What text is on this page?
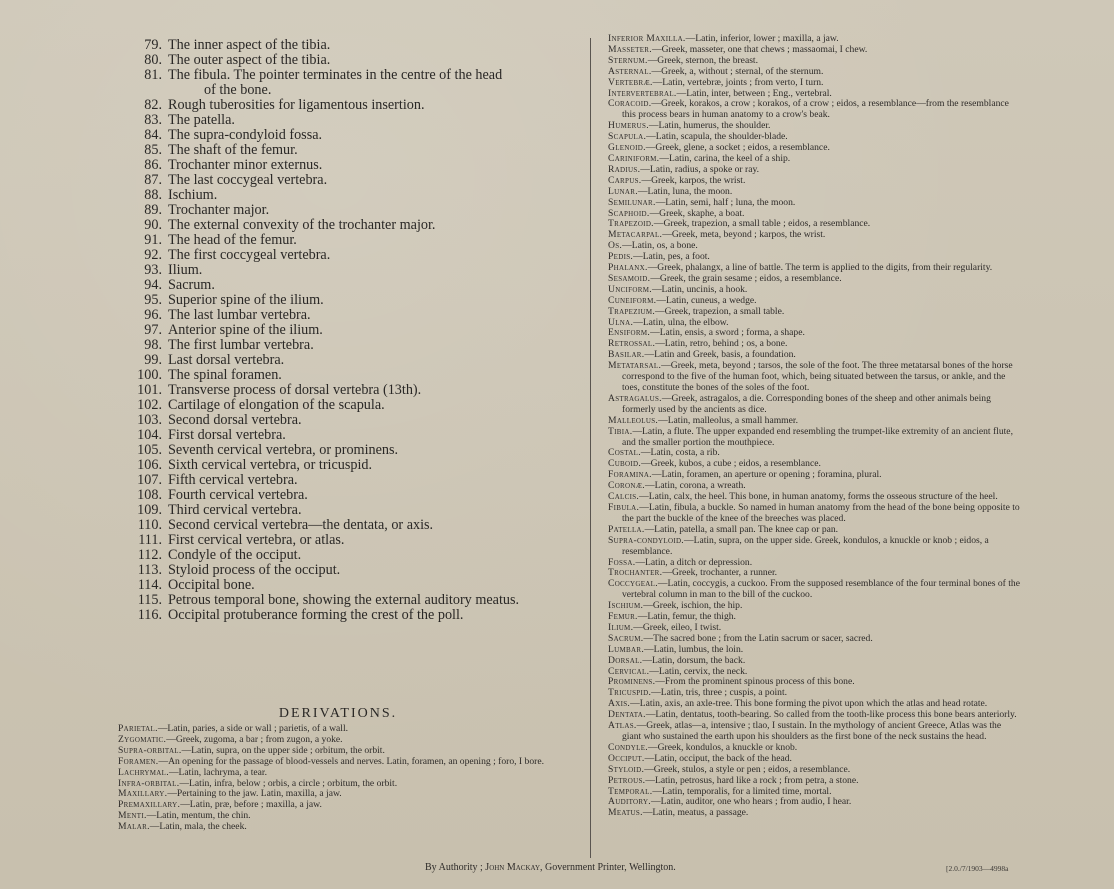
79. The inner aspect of the tibia.
80. The outer aspect of the tibia.
81. The fibula. The pointer terminates in the centre of the head
of the bone.
82. Rough tuberosities for ligamentous insertion.
83. The patella.
84. The supra-condyloid fossa.
85. The shaft of the femur.
86. Trochanter minor externus.
87. The last coccygeal vertebra.
88. Ischium.
89. Trochanter major.
90. The external convexity of the trochanter major.
91. The head of the femur.
92. The first coccygeal vertebra.
93. Ilium.
94. Sacrum.
95. Superior spine of the ilium.
96. The last lumbar vertebra.
97. Anterior spine of the ilium.
98. The first lumbar vertebra.
99. Last dorsal vertebra.
100. The spinal foramen.
101. Transverse process of dorsal vertebra (13th).
102. Cartilage of elongation of the scapula.
103. Second dorsal vertebra.
104. First dorsal vertebra.
105. Seventh cervical vertebra, or prominens.
106. Sixth cervical vertebra, or tricuspid.
107. Fifth cervical vertebra.
108. Fourth cervical vertebra.
109. Third cervical vertebra.
110. Second cervical vertebra—the dentata, or axis.
111. First cervical vertebra, or atlas.
112. Condyle of the occiput.
113. Styloid process of the occiput.
114. Occipital bone.
115. Petrous temporal bone, showing the external auditory meatus.
116. Occipital protuberance forming the crest of the poll.
DERIVATIONS.

Parietal.—Latin, paries, a side or wall ; parietis, of a wall.

Zygomatic.—Greek, zugoma, a bar ; from zugon, a yoke.

Supra-orbital.—Latin, supra, on the upper side ; orbitum, the orbit.

Foramen.—An opening for the passage of blood-vessels and nerves. Latin, foramen, an opening ; foro, I bore.

Lachrymal.—Latin, lachryma, a tear.

Infra-orbital.—Latin, infra, below ; orbis, a circle ; orbitum, the orbit.

Maxillary.—Pertaining to the jaw. Latin, maxilla, a jaw.

Premaxillary.—Latin, præ, before ; maxilla, a jaw.

Menti.—Latin, mentum, the chin.

Malar.—Latin, mala, the cheek.

Inferior Maxilla.—Latin, inferior, lower ; maxilla, a jaw.

Masseter.—Greek, masseter, one that chews ; massaomai, I chew.

Sternum.—Greek, sternon, the breast.

Asternal.—Greek, a, without ; sternal, of the sternum.

Vertebræ.—Latin, vertebræ, joints ; from verto, I turn.

Intervertebral.—Latin, inter, between ; Eng., vertebral.

Coracoid.—Greek, korakos, a crow ; korakos, of a crow ; eidos, a resemblance—from the resemblance this process bears in human anatomy to a crow's beak.

Humerus.—Latin, humerus, the shoulder.

Scapula.—Latin, scapula, the shoulder-blade.

Glenoid.—Greek, glene, a socket ; eidos, a resemblance.

Cariniform.—Latin, carina, the keel of a ship.

Radius.—Latin, radius, a spoke or ray.

Carpus.—Greek, karpos, the wrist.

Lunar.—Latin, luna, the moon.

Semilunar.—Latin, semi, half ; luna, the moon.

Scaphoid.—Greek, skaphe, a boat.

Trapezoid.—Greek, trapezion, a small table ; eidos, a resemblance.

Metacarpal.—Greek, meta, beyond ; karpos, the wrist.

Os.—Latin, os, a bone.

Pedis.—Latin, pes, a foot.

Phalanx.—Greek, phalangx, a line of battle. The term is applied to the digits, from their regularity.

Sesamoid.—Greek, the grain sesame ; eidos, a resemblance.

Unciform.—Latin, uncinis, a hook.

Cuneiform.—Latin, cuneus, a wedge.

Trapezium.—Greek, trapezion, a small table.

Ulna.—Latin, ulna, the elbow.

Ensiform.—Latin, ensis, a sword ; forma, a shape.

Retrossal.—Latin, retro, behind ; os, a bone.

Basilar.—Latin and Greek, basis, a foundation.

Metatarsal.—Greek, meta, beyond ; tarsos, the sole of the foot. The three metatarsal bones of the horse correspond to the five of the human foot, which, being situated between the tarsus, or ankle, and the toes, constitute the bones of the soles of the foot.

Astragalus.—Greek, astragalos, a die. Corresponding bones of the sheep and other animals being formerly used by the ancients as dice.

Malleolus.—Latin, malleolus, a small hammer.

Tibia.—Latin, a flute. The upper expanded end resembling the trumpet-like extremity of an ancient flute, and the smaller portion the mouthpiece.

Costal.—Latin, costa, a rib.

Cuboid.—Greek, kubos, a cube ; eidos, a resemblance.

Foramina.—Latin, foramen, an aperture or opening ; foramina, plural.

Coronæ.—Latin, corona, a wreath.

Calcis.—Latin, calx, the heel. This bone, in human anatomy, forms the osseous structure of the heel.

Fibula.—Latin, fibula, a buckle. So named in human anatomy from the head of the bone being opposite to the part the buckle of the knee of the breeches was placed.

Patella.—Latin, patella, a small pan. The knee cap or pan.

Supra-condyloid.—Latin, supra, on the upper side. Greek, kondulos, a knuckle or knob ; eidos, a resemblance.

Fossa.—Latin, a ditch or depression.

Trochanter.—Greek, trochanter, a runner.

Coccygeal.—Latin, coccygis, a cuckoo. From the supposed resemblance of the four terminal bones of the vertebral column in man to the bill of the cuckoo.

Ischium.—Greek, ischion, the hip.

Femur.—Latin, femur, the thigh.

Ilium.—Greek, eileo, I twist.

Sacrum.—The sacred bone ; from the Latin sacrum or sacer, sacred.

Lumbar.—Latin, lumbus, the loin.

Dorsal.—Latin, dorsum, the back.

Cervical.—Latin, cervix, the neck.

Prominens.—From the prominent spinous process of this bone.

Tricuspid.—Latin, tris, three ; cuspis, a point.

Axis.—Latin, axis, an axle-tree. This bone forming the pivot upon which the atlas and head rotate.

Dentata.—Latin, dentatus, tooth-bearing. So called from the tooth-like process this bone bears anteriorly.

Atlas.—Greek, atlas—a, intensive ; tlao, I sustain. In the mythology of ancient Greece, Atlas was the giant who sustained the earth upon his shoulders as the first bone of the neck sustains the head.

Condyle.—Greek, kondulos, a knuckle or knob.

Occiput.—Latin, occiput, the back of the head.

Styloid.—Greek, stulos, a style or pen ; eidos, a resemblance.

Petrous.—Latin, petrosus, hard like a rock ; from petra, a stone.

Temporal.—Latin, temporalis, for a limited time, mortal.

Auditory.—Latin, auditor, one who hears ; from audio, I hear.

Meatus.—Latin, meatus, a passage.

By Authority ; John Mackay, Government Printer, Wellington.	[2.0./7/1903—4998a
